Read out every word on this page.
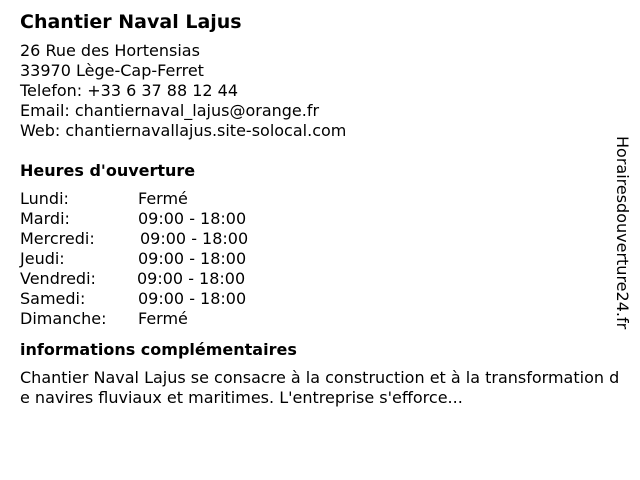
Chantier Naval Lajus
26 Rue des Hortensias
33970 Lège-Cap-Ferret
Telefon: +33 6 37 88 12 44
Email: chantiernaval_lajus@orange.fr
Web: chantiernavallajus.site-solocal.com
Heures d'ouverture
Lundi:	Fermé
Mardi:	09:00 - 18:00
Mercredi:	09:00 - 18:00
Jeudi:	09:00 - 18:00
Vendredi:	09:00 - 18:00
Samedi:	09:00 - 18:00
Dimanche:	Fermé
informations complémentaires
Chantier Naval Lajus se consacre à la construction et à la transformation de navires fluviaux et maritimes. L'entreprise s'efforce...
Horairesdouverture24.fr
